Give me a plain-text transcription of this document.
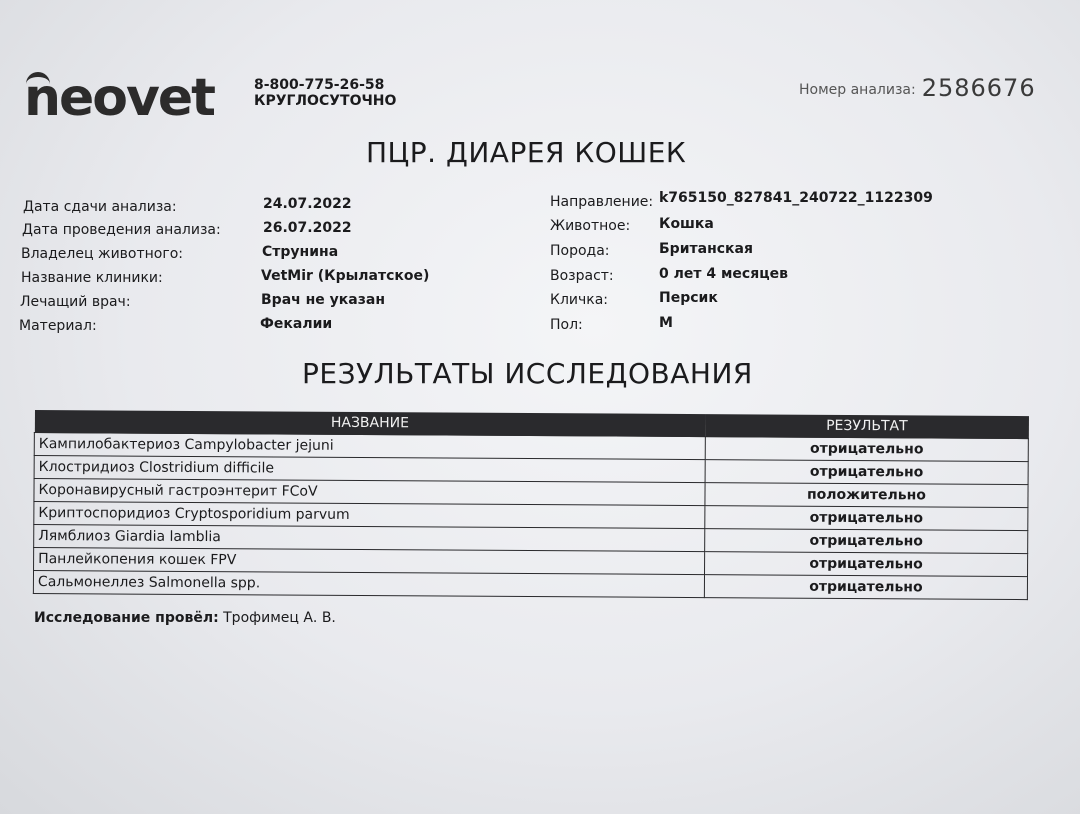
neovet	8-800-775-26-58
КРУГЛОСУТОЧНО
Номер анализа: 2586676
ПЦР. ДИАРЕЯ КОШЕК
Дата сдачи анализа:	24.07.2022
Дата проведения анализа:	26.07.2022
Владелец животного:	Струнина
Название клиники:	VetMir (Крылатское)
Лечащий врач:	Врач не указан
Материал:	Фекалии
Направление: k765150_827841_240722_1122309
Животное: Кошка
Порода:	Британская
Возраст:	0 лет 4 месяцев
Кличка:	Персик
Пол:	М
РЕЗУЛЬТАТЫ ИССЛЕДОВАНИЯ
НАЗВАНИЕ	РЕЗУЛЬТАТ
Кампилобактериоз Campylobacter jejuni	отрицательно
Клостридиоз Clostridium difficile	отрицательно
Коронавирусный гастроэнтерит FCoV	положительно
Криптоспоридиоз Cryptosporidium parvum	отрицательно
Лямблиоз Giardia lamblia	отрицательно
Панлейкопения кошек FPV	отрицательно
Сальмонеллез Salmonella spp.	отрицательно
Исследование провёл: Трофимец А. В.
